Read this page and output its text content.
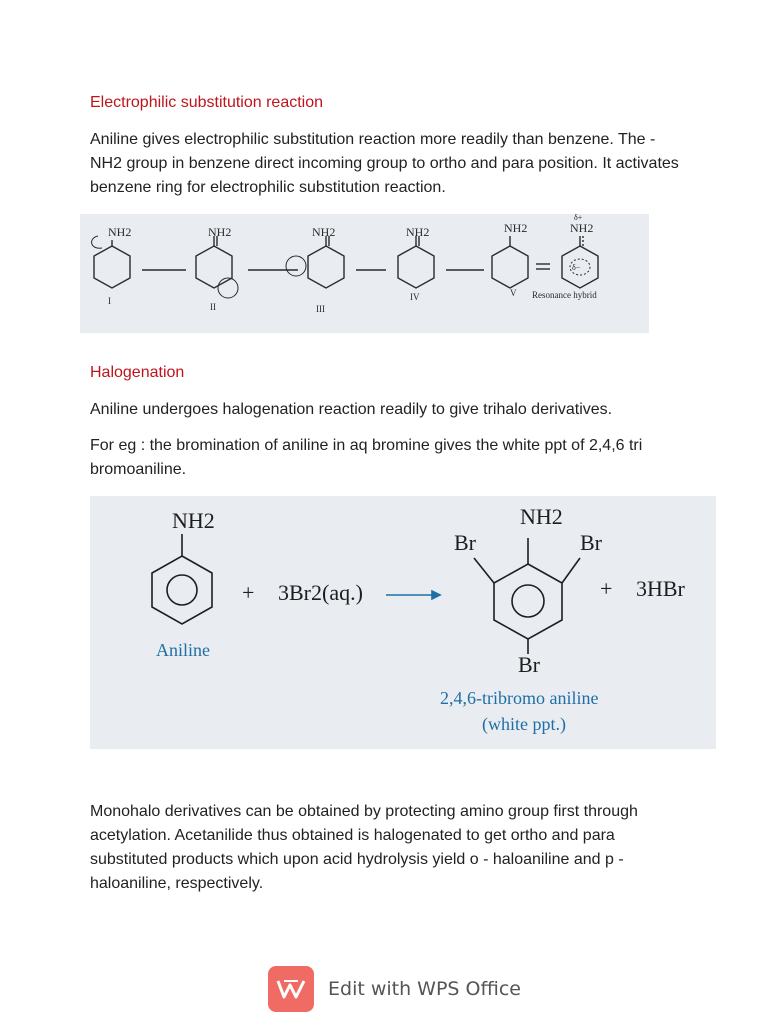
Electrophilic substitution reaction
Aniline gives electrophilic substitution reaction more readily than benzene. The - NH2 group in benzene direct incoming group to ortho and para position. It activates benzene ring for electrophilic substitution reaction.
NH2	NH2	NH2	NH2	NH2	NH2
I
II	III
IV	V Resonance hybrid
δ−
δ+
Halogenation
Aniline undergoes halogenation reaction readily to give trihalo derivatives.
For eg : the bromination of aniline in aq bromine gives the white ppt of 2,4,6 tri bromoaniline.
NH2
+ 3Br2(aq.)
NH2
Br	Br
Br
+ 3HBr
Aniline
2,4,6-tribromo aniline
(white ppt.)
Monohalo derivatives can be obtained by protecting amino group first through acetylation. Acetanilide thus obtained is halogenated to get ortho and para substituted products which upon acid hydrolysis yield o - haloaniline and p - haloaniline, respectively.
Edit with WPS Office
